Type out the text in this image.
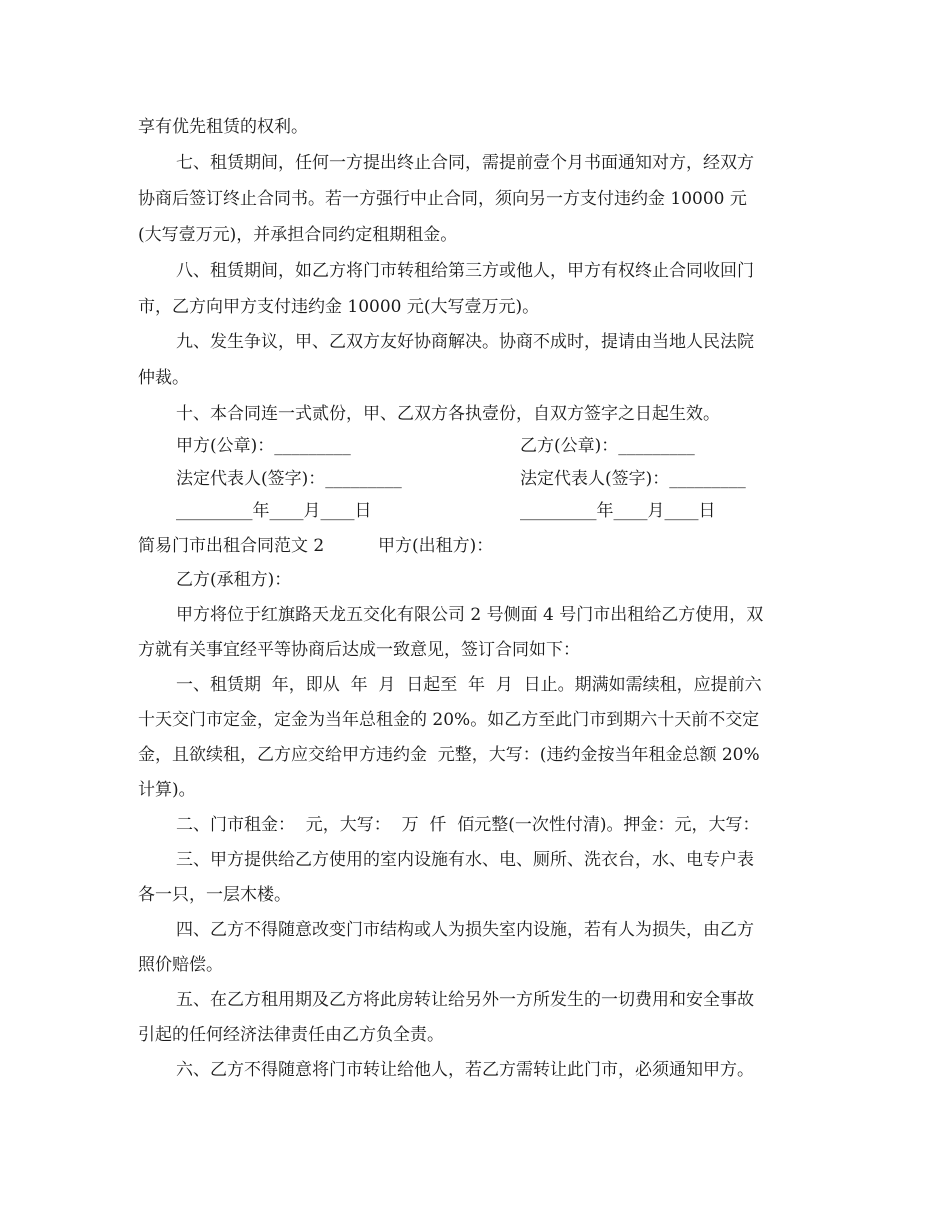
享有优先租赁的权利。
七、租赁期间，任何一方提出终止合同，需提前壹个月书面通知对方，经双方
协商后签订终止合同书。若一方强行中止合同，须向另一方支付违约金 10000 元
(大写壹万元)，并承担合同约定租期租金。
八、租赁期间，如乙方将门市转租给第三方或他人，甲方有权终止合同收回门
市，乙方向甲方支付违约金 10000 元(大写壹万元)。
九、发生争议，甲、乙双方友好协商解决。协商不成时，提请由当地人民法院
仲裁。
十、本合同连一式贰份，甲、乙双方各执壹份，自双方签字之日起生效。
甲方(公章)：_________	乙方(公章)：_________
法定代表人(签字)：_________	法定代表人(签字)：_________
_________年____月____日	_________年____月____日
简易门市出租合同范文 2	甲方(出租方)：
乙方(承租方)：
甲方将位于红旗路天龙五交化有限公司 2 号侧面 4 号门市出租给乙方使用，双
方就有关事宜经平等协商后达成一致意见，签订合同如下：
一、租赁期  年，即从  年  月  日起至  年  月  日止。期满如需续租，应提前六
十天交门市定金，定金为当年总租金的 20%。如乙方至此门市到期六十天前不交定
金，且欲续租，乙方应交给甲方违约金  元整，大写：(违约金按当年租金总额 20%
计算)。
二、门市租金：  元，大写：  万  仟  佰元整(一次性付清)。押金：元，大写：
三、甲方提供给乙方使用的室内设施有水、电、厕所、洗衣台，水、电专户表
各一只，一层木楼。
四、乙方不得随意改变门市结构或人为损失室内设施，若有人为损失，由乙方
照价赔偿。
五、在乙方租用期及乙方将此房转让给另外一方所发生的一切费用和安全事故
引起的任何经济法律责任由乙方负全责。
六、乙方不得随意将门市转让给他人，若乙方需转让此门市，必须通知甲方。
